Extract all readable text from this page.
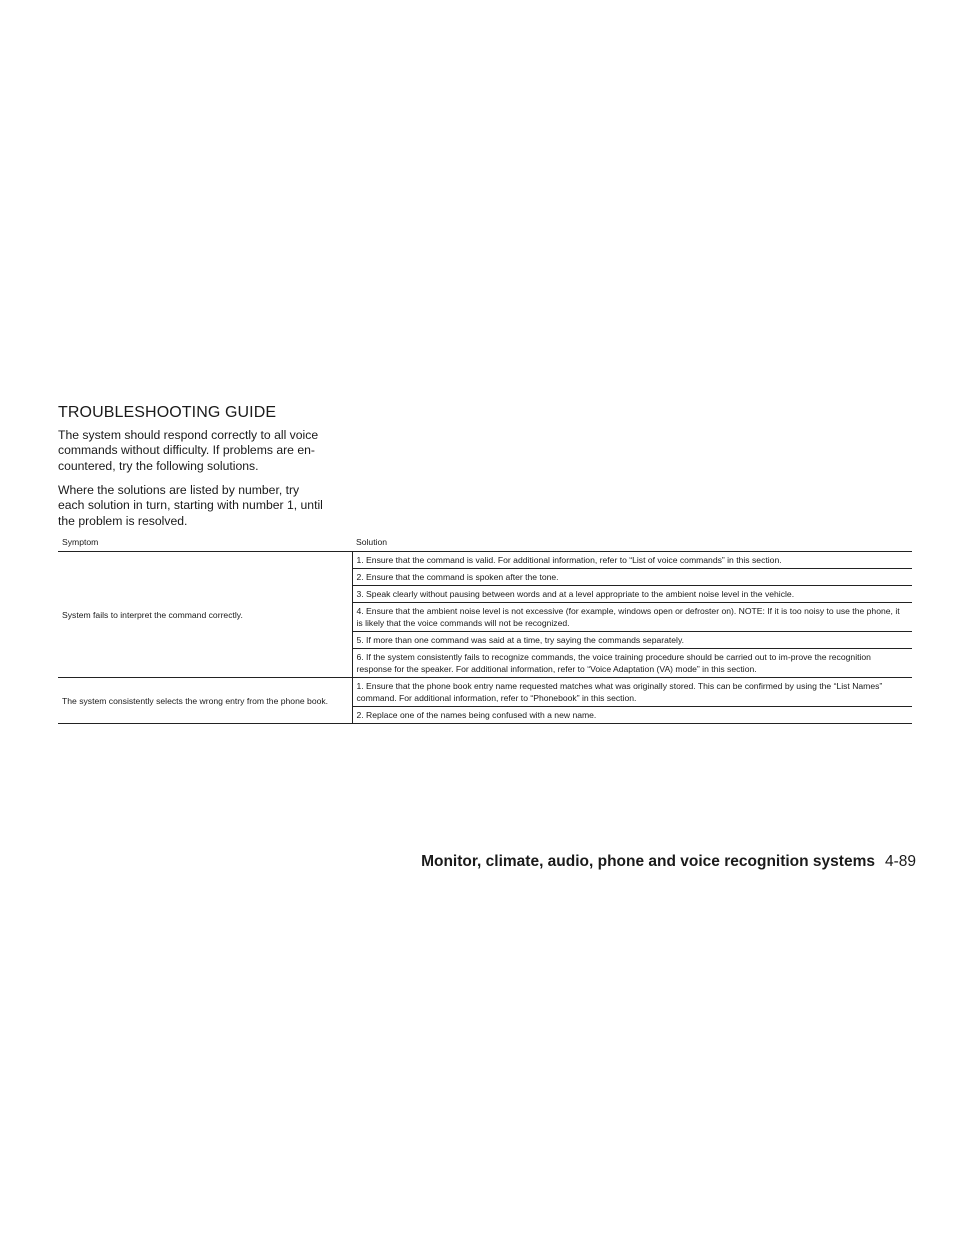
TROUBLESHOOTING GUIDE

The system should respond correctly to all voice commands without difficulty. If problems are en-countered, try the following solutions.

Where the solutions are listed by number, try each solution in turn, starting with number 1, until the problem is resolved.

Symptom	Solution
System fails to interpret the command correctly.	1. Ensure that the command is valid. For additional information, refer to “List of voice commands” in this section.
	2. Ensure that the command is spoken after the tone.
	3. Speak clearly without pausing between words and at a level appropriate to the ambient noise level in the vehicle.
	4. Ensure that the ambient noise level is not excessive (for example, windows open or defroster on). NOTE: If it is too noisy to use the phone, it is likely that the voice commands will not be recognized.
	5. If more than one command was said at a time, try saying the commands separately.
	6. If the system consistently fails to recognize commands, the voice training procedure should be carried out to im-prove the recognition response for the speaker. For additional information, refer to “Voice Adaptation (VA) mode” in this section.
The system consistently selects the wrong entry from the phone book.	1. Ensure that the phone book entry name requested matches what was originally stored. This can be confirmed by using the “List Names” command. For additional information, refer to “Phonebook” in this section.
	2. Replace one of the names being confused with a new name.
Monitor, climate, audio, phone and voice recognition systems 4-89
